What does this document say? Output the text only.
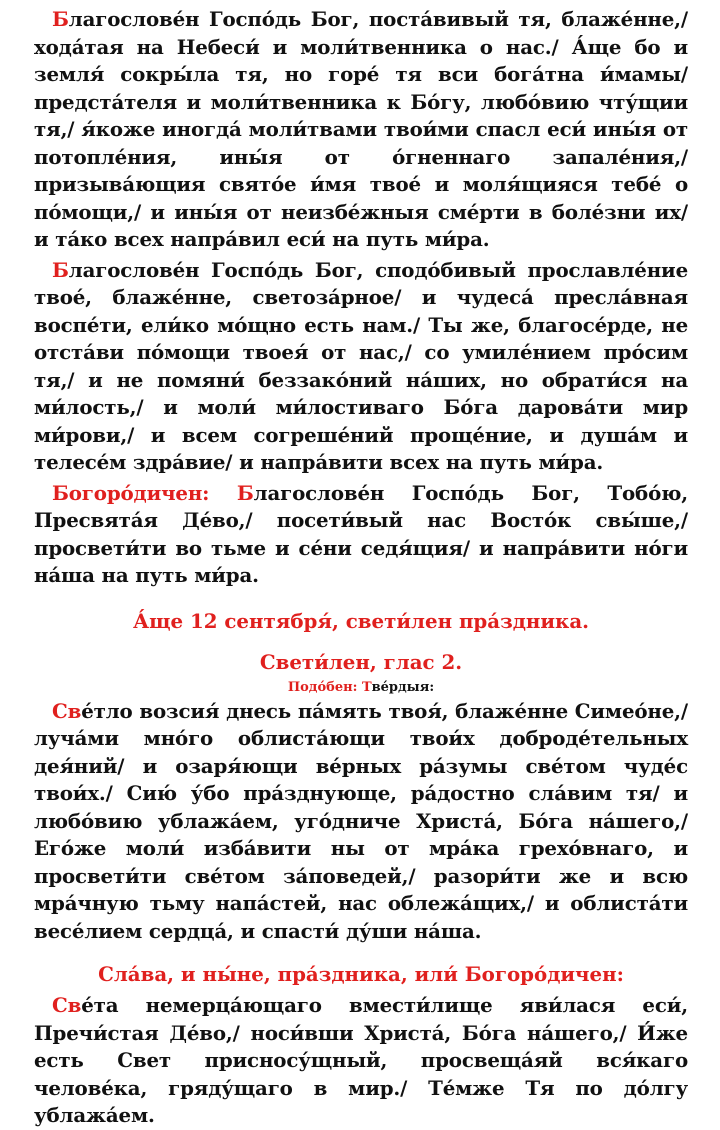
Благослове́н Госпо́дь Бог, поста́вивый тя, блаже́нне,/ хода́тая на Небеси́ и моли́твенника о нас./ А́ще бо и земля́ сокры́ла тя, но горе́ тя вси бога́тна и́мамы/ предста́теля и моли́твенника к Бо́гу, любо́вию чту́щии тя,/ я́коже иногда́ моли́твами твои́ми спасл еси́ ины́я от потопле́ния, ины́я от о́гненнаго запале́ния,/ призыва́ющия свято́е и́мя твое́ и моля́щияся тебе́ о по́мощи,/ и ины́я от неизбе́жныя сме́рти в боле́зни их/ и та́ко всех напра́вил еси́ на путь ми́ра.

Благослове́н Госпо́дь Бог, сподо́бивый прославле́ние твое́, блаже́нне, светоза́рное/ и чудеса́ пресла́вная воспе́ти, ели́ко мо́щно есть нам./ Ты же, благосе́рде, не отста́ви по́мощи твоея́ от нас,/ со умиле́нием про́сим тя,/ и не помяни́ беззако́ний на́ших, но обрати́ся на ми́лость,/ и моли́ ми́лостиваго Бо́га дарова́ти мир ми́рови,/ и всем согреше́ний проще́ние, и душа́м и телесе́м здра́вие/ и напра́вити всех на путь ми́ра.

Богоро́дичен: Благослове́н Госпо́дь Бог, Тобо́ю, Пресвята́я Де́во,/ посети́вый нас Восто́к свы́ше,/ просвети́ти во тьме и се́ни седя́щия/ и напра́вити но́ги на́ша на путь ми́ра.

А́ще 12 сентября́, свети́лен пра́здника.

Свети́лен, глас 2.

Подо́бен: Тве́рдыя:

Све́тло возсия́ днесь па́мять твоя́, блаже́нне Симео́не,/ луча́ми мно́го облиста́ющи твои́х доброде́тельных дея́ний/ и озаря́ющи ве́рных ра́зумы све́том чуде́с твои́х./ Сию́ у́бо пра́зднующе, ра́достно сла́вим тя/ и любо́вию ублажа́ем, уго́дниче Христа́, Бо́га на́шего,/ Его́же моли́ изба́вити ны от мра́ка грехо́внаго, и просвети́ти све́том за́поведей,/ разори́ти же и всю мра́чную тьму напа́стей, нас облежа́щих,/ и облиста́ти весе́лием сердца́, и спасти́ ду́ши на́ша.

Сла́ва, и ны́не, пра́здника, или́ Богоро́дичен:

Све́та немерца́ющаго вмести́лище яви́лася еси́, Пречи́стая Де́во,/ носи́вши Христа́, Бо́га на́шего,/ И́же есть Свет присносу́щный, просвеща́яй вся́каго челове́ка, гряду́щаго в мир./ Те́мже Тя по до́лгу ублажа́ем.
